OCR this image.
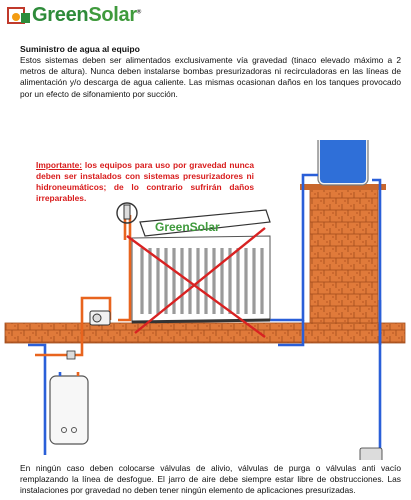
GreenSolar®
Suministro de agua al equipo
Estos sistemas deben ser alimentados exclusivamente vía gravedad (tinaco elevado máximo a 2 metros de altura). Nunca deben instalarse bombas presurizadoras ni recirculadoras en las líneas de alimentación y/o descarga de agua caliente. Las mismas ocasionan daños en los tanques provocado por un efecto de sifonamiento por succión.
GreenSolar
Importante: los equipos para uso por gravedad nunca deben ser instalados con sistemas presurizadores ni hidroneumáticos; de lo contrario sufrirán daños irreparables.
En ningún caso deben colocarse válvulas de alivio, válvulas de purga o válvulas anti vacío remplazando la línea de desfogue. El jarro de aire debe siempre estar libre de obstrucciones. Las instalaciones por gravedad no deben tener ningún elemento de aplicaciones presurizadas.
